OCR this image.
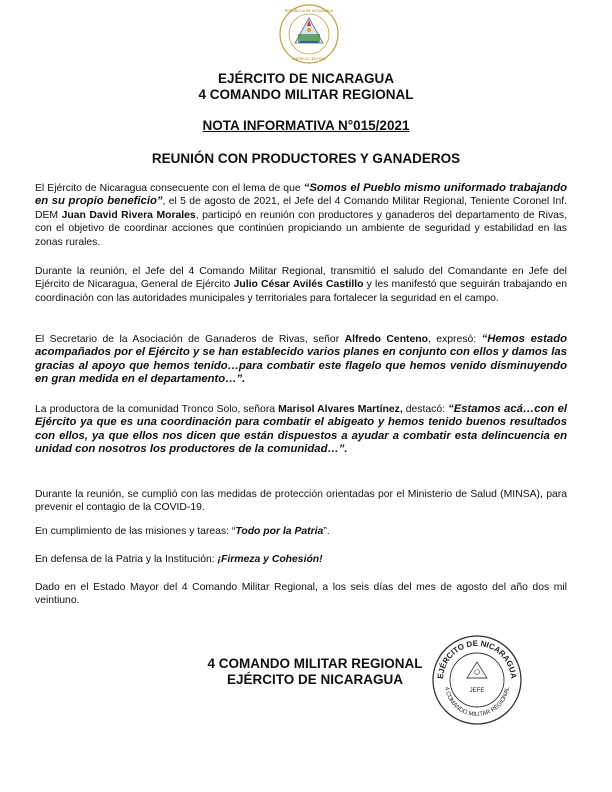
REPÚBLICA DE NICARAGUA
AMÉRICA CENTRAL
EJÉRCITO DE NICARAGUA
4 COMANDO MILITAR REGIONAL
NOTA INFORMATIVA N°015/2021
REUNIÓN CON PRODUCTORES Y GANADEROS

El Ejército de Nicaragua consecuente con el lema de que “Somos el Pueblo mismo uniformado trabajando en su propio beneficio”, el 5 de agosto de 2021, el Jefe del 4 Comando Militar Regional, Teniente Coronel Inf. DEM Juan David Rivera Morales, participó en reunión con productores y ganaderos del departamento de Rivas, con el objetivo de coordinar acciones que continúen propiciando un ambiente de seguridad y estabilidad en las zonas rurales.

Durante la reunión, el Jefe del 4 Comando Militar Regional, transmitió el saludo del Comandante en Jefe del Ejército de Nicaragua, General de Ejército Julio César Avilés Castillo y les manifestó que seguirán trabajando en coordinación con las autoridades municipales y territoriales para fortalecer la seguridad en el campo.

El Secretario de la Asociación de Ganaderos de Rivas, señor Alfredo Centeno, expresó: “Hemos estado acompañados por el Ejército y se han establecido varios planes en conjunto con ellos y damos las gracias al apoyo que hemos tenido…para combatir este flagelo que hemos venido disminuyendo en gran medida en el departamento…”.

La productora de la comunidad Tronco Solo, señora Marisol Alvares Martínez, destacó: “Estamos acá…con el Ejército ya que es una coordinación para combatir el abigeato y hemos tenido buenos resultados con ellos, ya que ellos nos dicen que están dispuestos a ayudar a combatir esta delincuencia en unidad con nosotros los productores de la comunidad…”.

Durante la reunión, se cumplió con las medidas de protección orientadas por el Ministerio de Salud (MINSA), para prevenir el contagio de la COVID-19.

En cumplimiento de las misiones y tareas: “Todo por la Patria”.

En defensa de la Patria y la Institución: ¡Firmeza y Cohesión!

Dado en el Estado Mayor del 4 Comando Militar Regional, a los seis días del mes de agosto del año dos mil veintiuno.

4 COMANDO MILITAR REGIONAL
EJÉRCITO DE NICARAGUA	EJÉRCITO DE NICARAGUA
4 COMANDO MILITAR REGIONAL
JEFE
